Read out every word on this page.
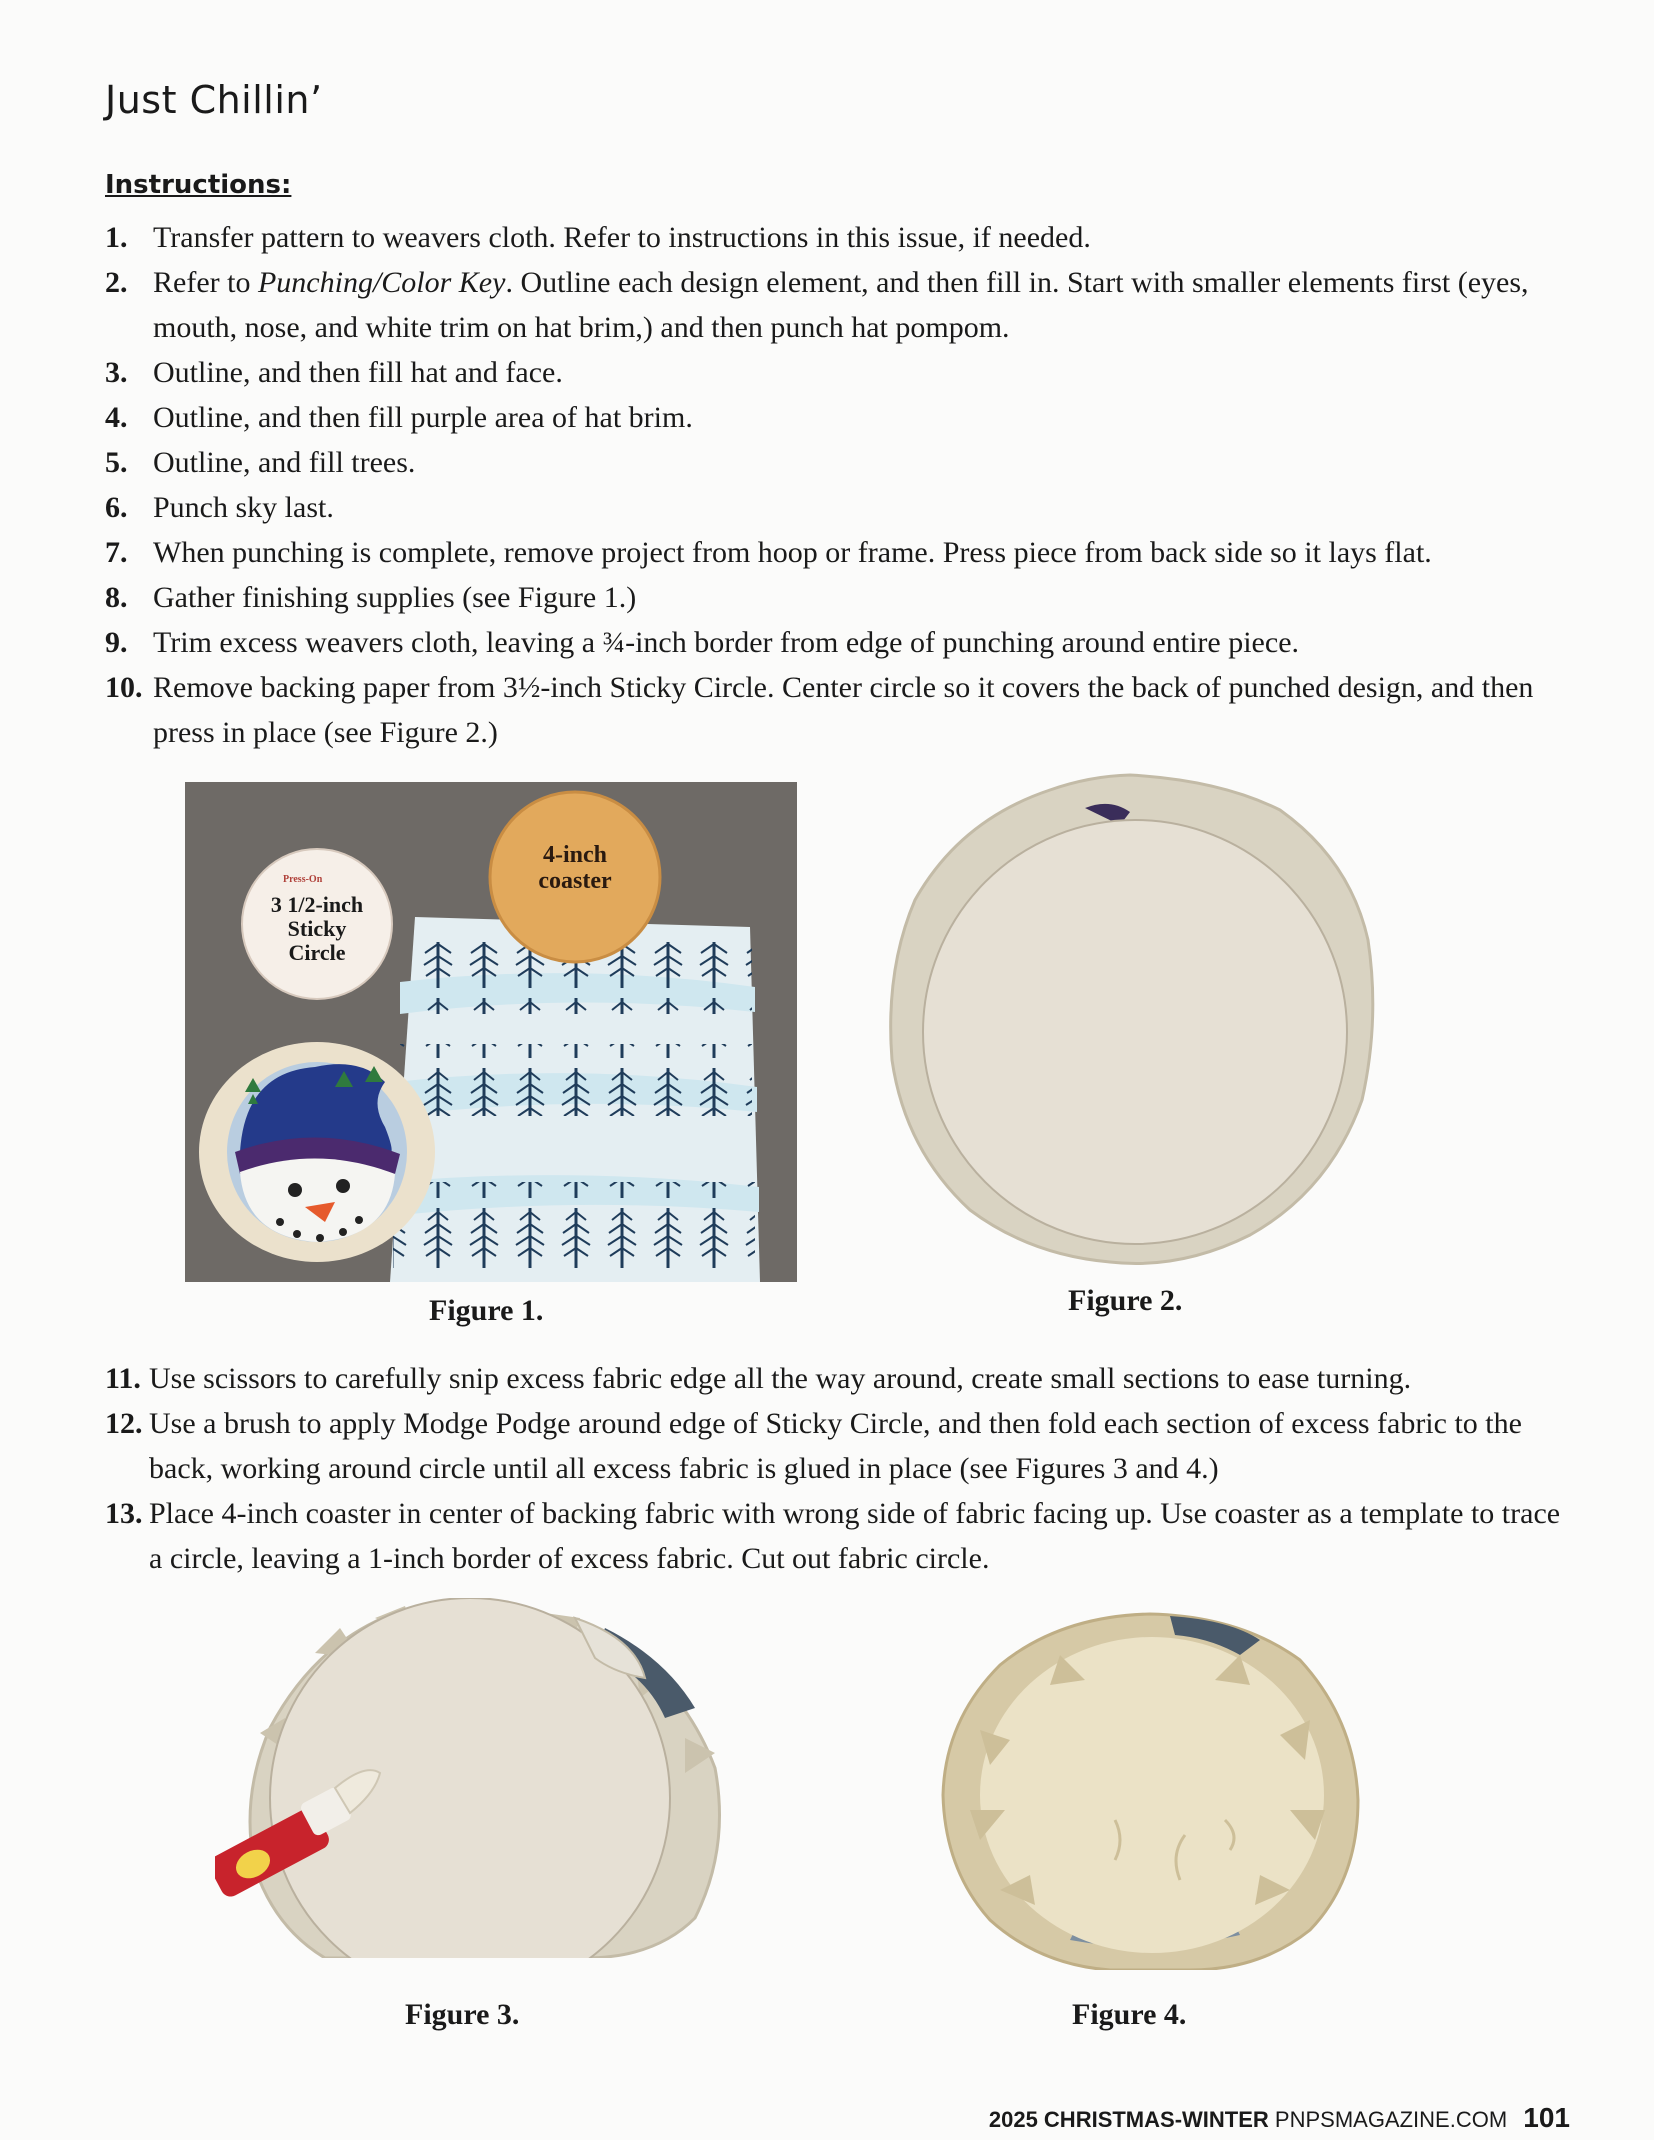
Just Chillin’
Instructions:
1. Transfer pattern to weavers cloth. Refer to instructions in this issue, if needed.
2. Refer to Punching/Color Key. Outline each design element, and then fill in. Start with smaller elements first (eyes, mouth, nose, and white trim on hat brim,) and then punch hat pompom.
3. Outline, and then fill hat and face.
4. Outline, and then fill purple area of hat brim.
5. Outline, and fill trees.
6. Punch sky last.
7. When punching is complete, remove project from hoop or frame. Press piece from back side so it lays flat.
8. Gather finishing supplies (see Figure 1.)
9. Trim excess weavers cloth, leaving a ¾-inch border from edge of punching around entire piece.
10. Remove backing paper from 3½-inch Sticky Circle. Center circle so it covers the back of punched design, and then press in place (see Figure 2.)
4-inch
coaster
Press-On
3 1/2-inch
Sticky
Circle
Figure 1.	Figure 2.
11. Use scissors to carefully snip excess fabric edge all the way around, create small sections to ease turning.
12. Use a brush to apply Modge Podge around edge of Sticky Circle, and then fold each section of excess fabric to the back, working around circle until all excess fabric is glued in place (see Figures 3 and 4.)
13. Place 4-inch coaster in center of backing fabric with wrong side of fabric facing up. Use coaster as a template to trace a circle, leaving a 1-inch border of excess fabric. Cut out fabric circle.
Figure 3.	Figure 4.
2025 CHRISTMAS-WINTER PNPSMAGAZINE.COM 101
